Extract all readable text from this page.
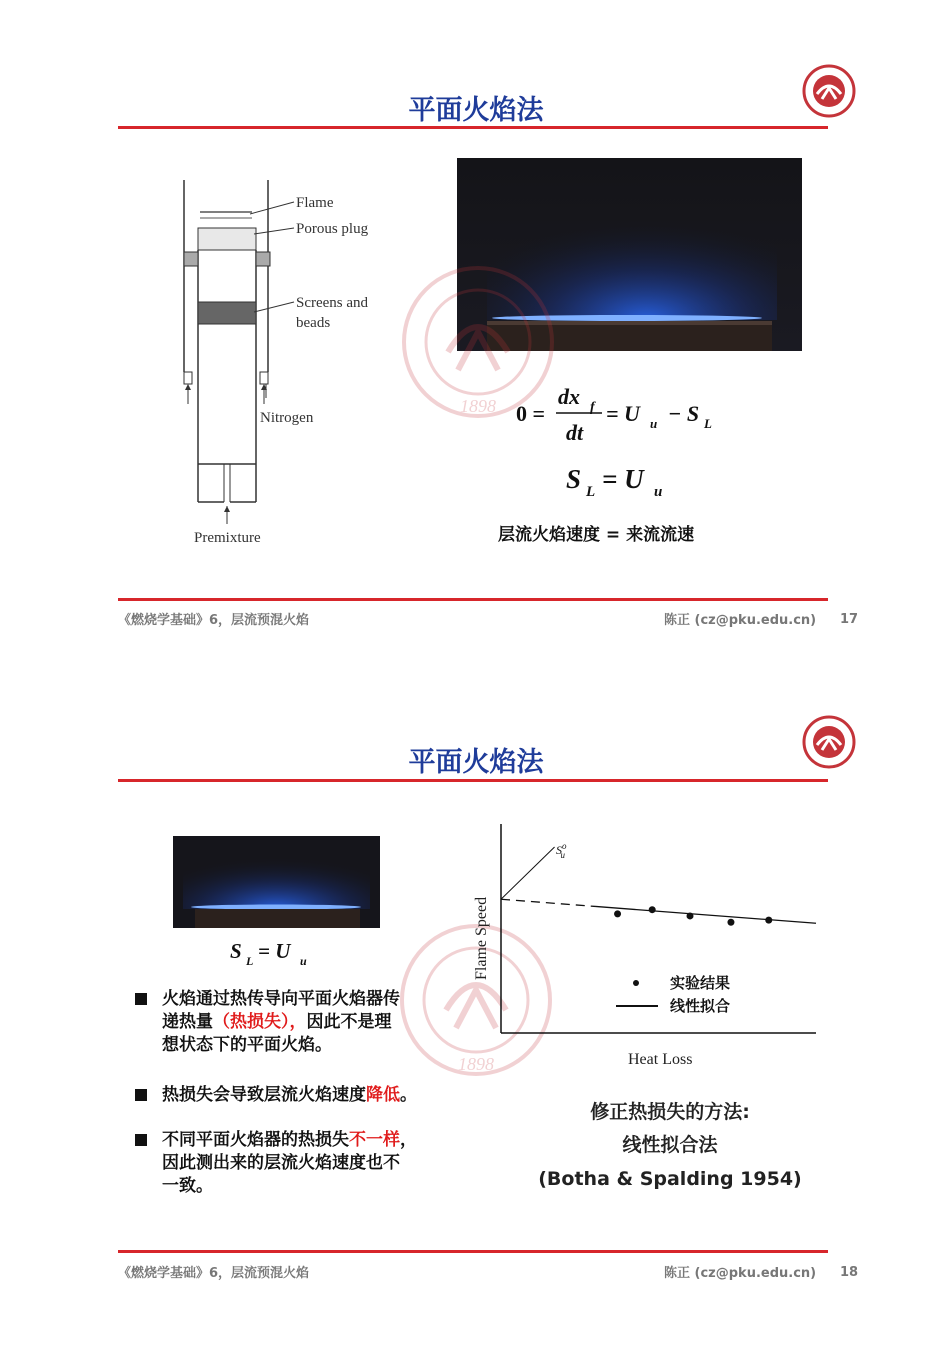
平面火焰法
Flame
Porous plug
Screens and
beads
Nitrogen
Premixture
1898 0 =
dx f
dt
= U u − S L
S L = U u
层流火焰速度 = 来流流速
《燃烧学基础》6，层流预混火焰	陈正 (cz@pku.edu.cn) 17
平面火焰法
S L = U u
1898
火焰通过热传导向平面火焰器传
递热量（热损失），因此不是理
想状态下的平面火焰。
热损失会导致层流火焰速度降低。
不同平面火焰器的热损失不一样，
因此测出来的层流火焰速度也不
一致。
Flame Speed
Heat Loss
$S^o$ u
实验结果
线性拟合
修正热损失的方法:
线性拟合法
(Botha & Spalding 1954)
《燃烧学基础》6，层流预混火焰	陈正 (cz@pku.edu.cn) 18
